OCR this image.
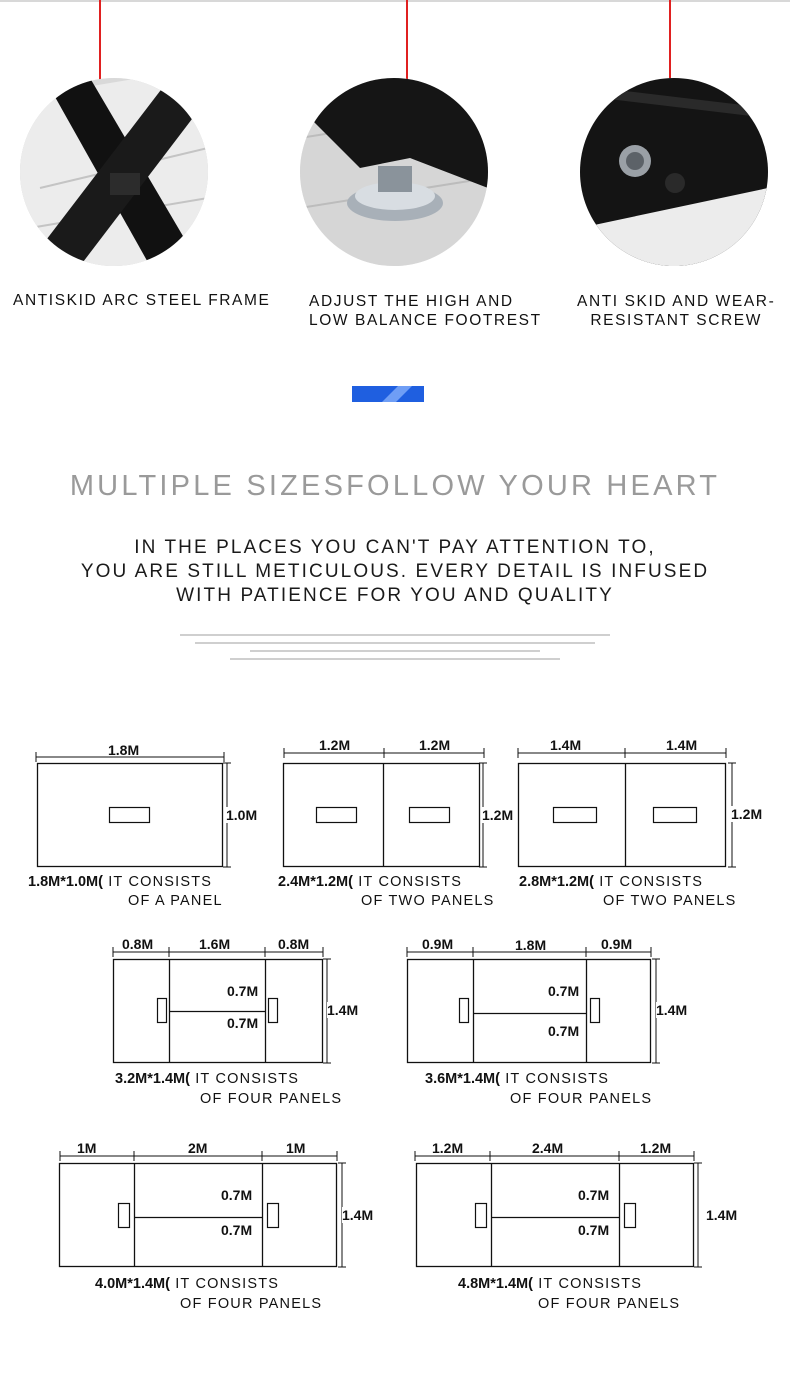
ANTISKID ARC STEEL FRAME ADJUST THE HIGH AND
LOW BALANCE FOOTREST
ANTI SKID AND WEAR-
RESISTANT SCREW
MULTIPLE SIZESFOLLOW YOUR HEART
IN THE PLACES YOU CAN'T PAY ATTENTION TO,
YOU ARE STILL METICULOUS. EVERY DETAIL IS INFUSED
WITH PATIENCE FOR YOU AND QUALITY
1.8M
1.0M
1.8M*1.0M( IT CONSISTS
OF A PANEL
1.2M	1.2M
1.2M
2.4M*1.2M( IT CONSISTS
OF TWO PANELS
1.4M	1.4M
1.2M
2.8M*1.2M( IT CONSISTS
OF TWO PANELS
0.8M	1.6M	0.8M
0.7M
0.7M
1.4M
3.2M*1.4M( IT CONSISTS
OF FOUR PANELS
0.9M	1.8M	0.9M
0.7M
0.7M
1.4M
3.6M*1.4M( IT CONSISTS
OF FOUR PANELS
1M	2M	1M
0.7M
0.7M
1.4M
4.0M*1.4M( IT CONSISTS
OF FOUR PANELS
1.2M	2.4M	1.2M
0.7M
0.7M
1.4M
4.8M*1.4M( IT CONSISTS
OF FOUR PANELS
